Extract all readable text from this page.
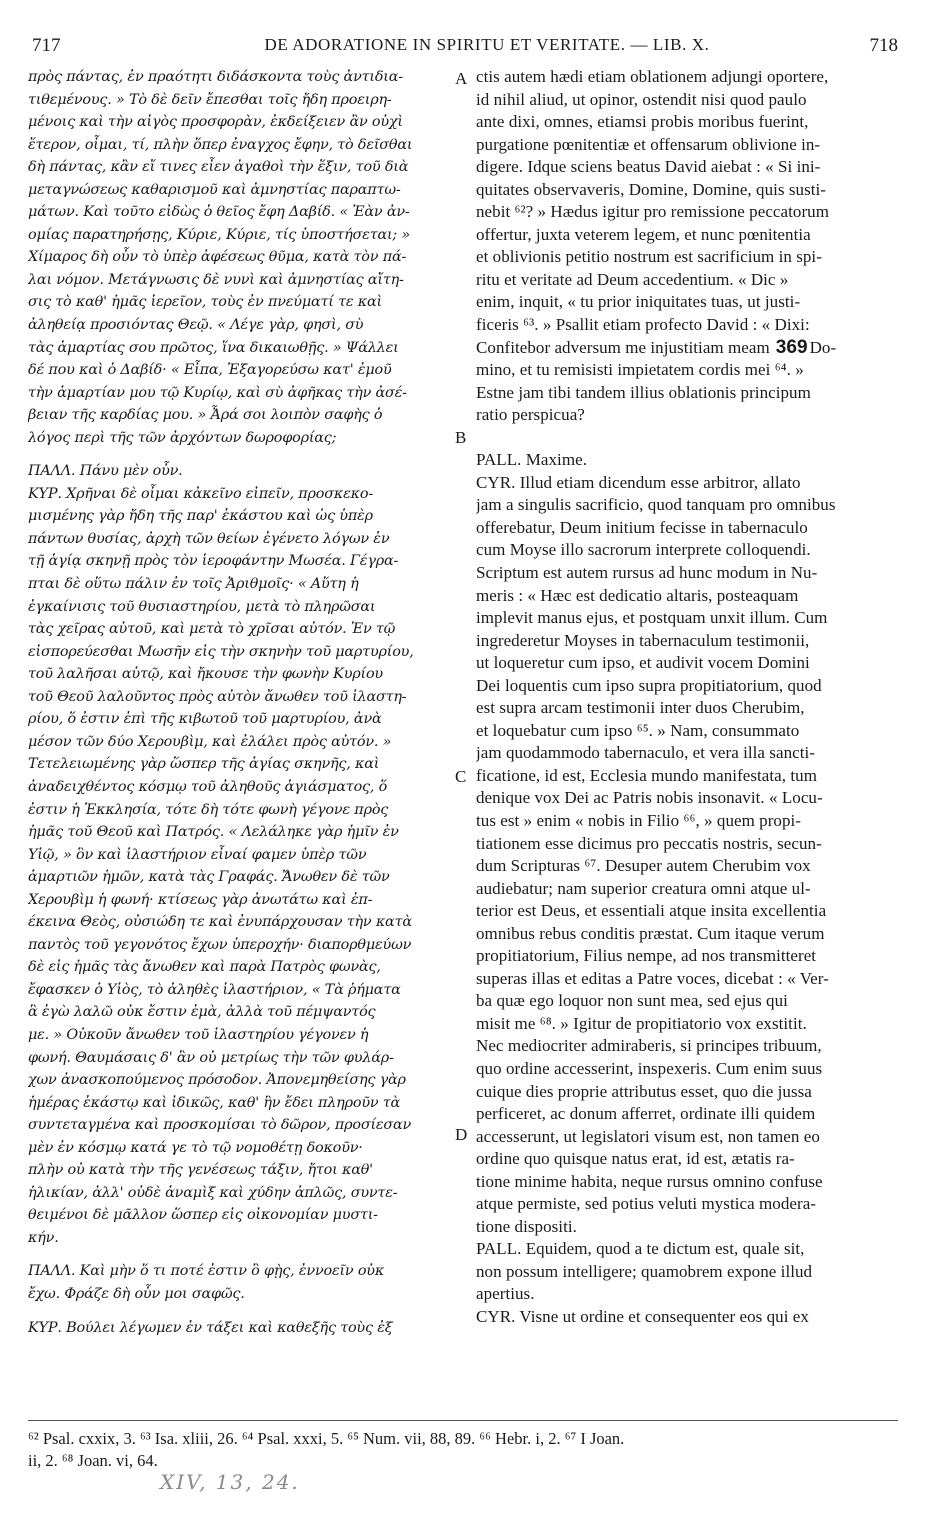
717	DE ADORATIONE IN SPIRITU ET VERITATE. — LIB. X.	718
πρὸς πάντας, ἐν πραότητι διδάσκοντα τοὺς ἀντιδια-
τιθεμένους. » Τὸ δὲ δεῖν ἔπεσθαι τοῖς ἤδη προειρη-
μένοις καὶ τὴν αἰγὸς προσφορὰν, ἐκδείξειεν ἂν οὐχὶ
ἕτερον, οἶμαι, τί, πλὴν ὅπερ ἐναγχος ἔφην, τὸ δεῖσθαι
δὴ πάντας, κἂν εἴ τινες εἶεν ἀγαθοὶ τὴν ἕξιν, τοῦ διὰ
μεταγνώσεως καθαρισμοῦ καὶ ἀμνηστίας παραπτω-
μάτων. Καὶ τοῦτο εἰδὼς ὁ θεῖος ἔφη Δαβίδ. « Ἐὰν ἀν-
ομίας παρατηρήσῃς, Κύριε, Κύριε, τίς ὑποστήσεται; »
Χίμαρος δὴ οὖν τὸ ὑπὲρ ἀφέσεως θῦμα, κατὰ τὸν πά-
λαι νόμον. Μετάγνωσις δὲ νυνὶ καὶ ἀμνηστίας αἴτη-
σις τὸ καθ' ἡμᾶς ἱερεῖον, τοὺς ἐν πνεύματί τε καὶ
ἀληθείᾳ προσιόντας Θεῷ. « Λέγε γὰρ, φησὶ, σὺ
τὰς ἁμαρτίας σου πρῶτος, ἵνα δικαιωθῇς. » Ψάλλει
δέ που καὶ ὁ Δαβίδ· « Εἶπα, Ἐξαγορεύσω κατ' ἐμοῦ
τὴν ἁμαρτίαν μου τῷ Κυρίῳ, καὶ σὺ ἀφῆκας τὴν ἀσέ-
βειαν τῆς καρδίας μου. » Ἆρά σοι λοιπὸν σαφὴς ὁ
λόγος περὶ τῆς τῶν ἀρχόντων δωροφορίας;
ΠΑΛΛ. Πάνυ μὲν οὖν.
ΚΥΡ. Χρῆναι δὲ οἶμαι κἀκεῖνο εἰπεῖν, προσκεκο-
μισμένης γὰρ ἤδη τῆς παρ' ἑκάστου καὶ ὡς ὑπὲρ
πάντων θυσίας, ἀρχὴ τῶν θείων ἐγένετο λόγων ἐν
τῇ ἁγίᾳ σκηνῇ πρὸς τὸν ἱεροφάντην Μωσέα. Γέγρα-
πται δὲ οὕτω πάλιν ἐν τοῖς Ἀριθμοῖς· « Αὕτη ἡ
ἐγκαίνισις τοῦ θυσιαστηρίου, μετὰ τὸ πληρῶσαι
τὰς χεῖρας αὐτοῦ, καὶ μετὰ τὸ χρῖσαι αὐτόν. Ἐν τῷ
εἰσπορεύεσθαι Μωσῆν εἰς τὴν σκηνὴν τοῦ μαρτυρίου,
τοῦ λαλῆσαι αὐτῷ, καὶ ἤκουσε τὴν φωνὴν Κυρίου
τοῦ Θεοῦ λαλοῦντος πρὸς αὐτὸν ἄνωθεν τοῦ ἱλαστη-
ρίου, ὅ ἐστιν ἐπὶ τῆς κιβωτοῦ τοῦ μαρτυρίου, ἀνὰ
μέσον τῶν δύο Χερουβὶμ, καὶ ἐλάλει πρὸς αὐτόν. »
Τετελειωμένης γὰρ ὥσπερ τῆς ἁγίας σκηνῆς, καὶ
ἀναδειχθέντος κόσμῳ τοῦ ἀληθοῦς ἁγιάσματος, ὅ
ἐστιν ἡ Ἐκκλησία, τότε δὴ τότε φωνὴ γέγονε πρὸς
ἡμᾶς τοῦ Θεοῦ καὶ Πατρός. « Λελάληκε γὰρ ἡμῖν ἐν
Υἱῷ, » ὃν καὶ ἱλαστήριον εἶναί φαμεν ὑπὲρ τῶν
ἁμαρτιῶν ἡμῶν, κατὰ τὰς Γραφάς. Ἄνωθεν δὲ τῶν
Χερουβὶμ ἡ φωνή· κτίσεως γὰρ ἀνωτάτω καὶ ἐπ-
έκεινα Θεὸς, οὐσιώδη τε καὶ ἐνυπάρχουσαν τὴν κατὰ
παντὸς τοῦ γεγονότος ἔχων ὑπεροχήν· διαπορθμεύων
δὲ εἰς ἡμᾶς τὰς ἄνωθεν καὶ παρὰ Πατρὸς φωνὰς,
ἔφασκεν ὁ Υἱὸς, τὸ ἀληθὲς ἱλαστήριον, « Τὰ ῥήματα
ἃ ἐγὼ λαλῶ οὐκ ἔστιν ἐμὰ, ἀλλὰ τοῦ πέμψαντός
με. » Οὐκοῦν ἄνωθεν τοῦ ἱλαστηρίου γέγονεν ἡ
φωνή. Θαυμάσαις δ' ἂν οὐ μετρίως τὴν τῶν φυλάρ-
χων ἀνασκοπούμενος πρόσοδον. Ἀπονεμηθείσης γὰρ
ἡμέρας ἑκάστῳ καὶ ἰδικῶς, καθ' ἣν ἔδει πληροῦν τὰ
συντεταγμένα καὶ προσκομίσαι τὸ δῶρον, προσίεσαν
μὲν ἐν κόσμῳ κατά γε τὸ τῷ νομοθέτῃ δοκοῦν·
πλὴν οὐ κατὰ τὴν τῆς γενέσεως τάξιν, ἤτοι καθ'
ἡλικίαν, ἀλλ' οὐδὲ ἀναμὶξ καὶ χύδην ἁπλῶς, συντε-
θειμένοι δὲ μᾶλλον ὥσπερ εἰς οἰκονομίαν μυστι-
κήν.
ΠΑΛΛ. Καὶ μὴν ὅ τι ποτέ ἐστιν ὃ φῂς, ἐννοεῖν οὐκ
ἔχω. Φράζε δὴ οὖν μοι σαφῶς.
ΚΥΡ. Βούλει λέγωμεν ἐν τάξει καὶ καθεξῆς τοὺς ἐξ
ctis autem hædi etiam oblationem adjungi oportere,
id nihil aliud, ut opinor, ostendit nisi quod paulo
ante dixi, omnes, etiamsi probis moribus fuerint,
purgatione pœnitentiæ et offensarum oblivione in-
digere. Idque sciens beatus David aiebat : « Si ini-
quitates observaveris, Domine, Domine, quis susti-
nebit ⁶²? » Hædus igitur pro remissione peccatorum
offertur, juxta veterem legem, et nunc pœnitentia
et oblivionis petitio nostrum est sacrificium in spi-
ritu et veritate ad Deum accedentium. « Dic »
enim, inquit, « tu prior iniquitates tuas, ut justi-
ficeris ⁶³. » Psallit etiam profecto David : « Dixi:
Confitebor adversum me injustitiam meam 369 Do-
mino, et tu remisisti impietatem cordis mei ⁶⁴. »
Estne jam tibi tandem illius oblationis principum
ratio perspicua?
PALL. Maxime.
CYR. Illud etiam dicendum esse arbitror, allato
jam a singulis sacrificio, quod tanquam pro omnibus
offerebatur, Deum initium fecisse in tabernaculo
cum Moyse illo sacrorum interprete colloquendi.
Scriptum est autem rursus ad hunc modum in Nu-
meris : « Hæc est dedicatio altaris, posteaquam
implevit manus ejus, et postquam unxit illum. Cum
ingrederetur Moyses in tabernaculum testimonii,
ut loqueretur cum ipso, et audivit vocem Domini
Dei loquentis cum ipso supra propitiatorium, quod
est supra arcam testimonii inter duos Cherubim,
et loquebatur cum ipso ⁶⁵. » Nam, consummato
jam quodammodo tabernaculo, et vera illa sancti-
ficatione, id est, Ecclesia mundo manifestata, tum
denique vox Dei ac Patris nobis insonavit. « Locu-
tus est » enim « nobis in Filio ⁶⁶, » quem propi-
tiationem esse dicimus pro peccatis nostris, secun-
dum Scripturas ⁶⁷. Desuper autem Cherubim vox
audiebatur; nam superior creatura omni atque ul-
terior est Deus, et essentiali atque insita excellentia
omnibus rebus conditis præstat. Cum itaque verum
propitiatorium, Filius nempe, ad nos transmitteret
superas illas et editas a Patre voces, dicebat : « Ver-
ba quæ ego loquor non sunt mea, sed ejus qui
misit me ⁶⁸. » Igitur de propitiatorio vox exstitit.
Nec mediocriter admiraberis, si principes tribuum,
quo ordine accesserint, inspexeris. Cum enim suus
cuique dies proprie attributus esset, quo die jussa
perficeret, ac donum afferret, ordinate illi quidem
accesserunt, ut legislatori visum est, non tamen eo
ordine quo quisque natus erat, id est, ætatis ra-
tione minime habita, neque rursus omnino confuse
atque permiste, sed potius veluti mystica modera-
tione dispositi.
PALL. Equidem, quod a te dictum est, quale sit,
non possum intelligere; quamobrem expone illud
apertius.
CYR. Visne ut ordine et consequenter eos qui ex
A
B
C
D
⁶² Psal. cxxix, 3. ⁶³ Isa. xliii, 26. ⁶⁴ Psal. xxxi, 5. ⁶⁵ Num. vii, 88, 89. ⁶⁶ Hebr. i, 2. ⁶⁷ I Joan.
ii, 2. ⁶⁸ Joan. vi, 64.
XIV, 13, 24.
